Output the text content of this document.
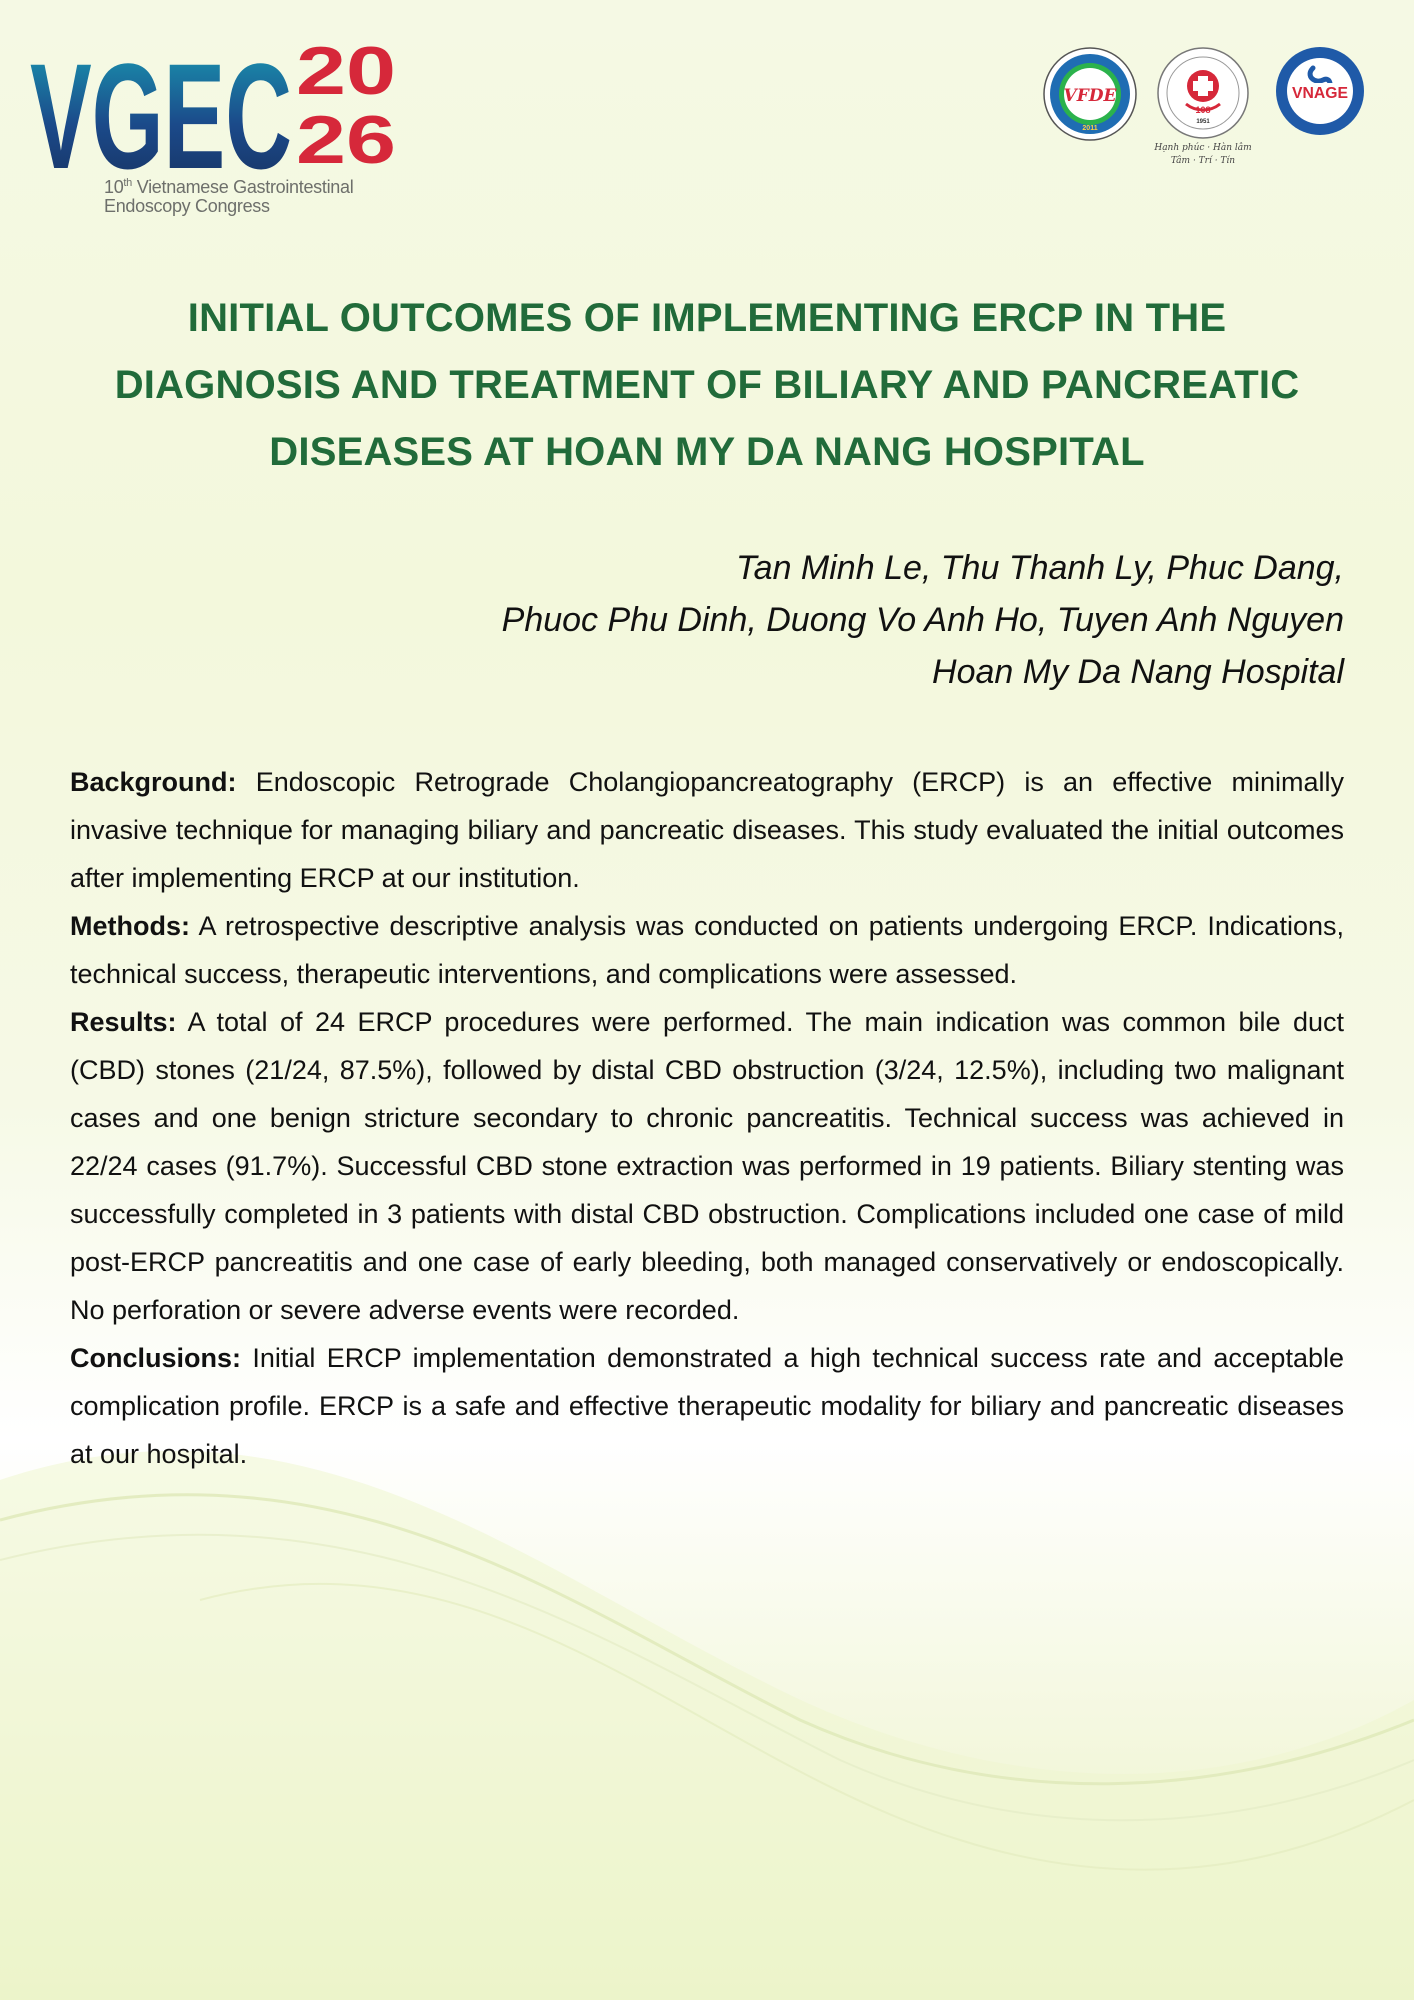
VGEC 20
26
10th Vietnamese Gastrointestinal
Endoscopy Congress
VFDE
2011
108
1951
Hạnh phúc · Hàn lâm
Tâm · Trí · Tín
VNAGE
INITIAL OUTCOMES OF IMPLEMENTING ERCP IN THE
DIAGNOSIS AND TREATMENT OF BILIARY AND PANCREATIC
DISEASES AT HOAN MY DA NANG HOSPITAL
Tan Minh Le, Thu Thanh Ly, Phuc Dang,
Phuoc Phu Dinh, Duong Vo Anh Ho, Tuyen Anh Nguyen
Hoan My Da Nang Hospital

Background: Endoscopic Retrograde Cholangiopancreatography (ERCP) is an effective minimally invasive technique for managing biliary and pancreatic diseases. This study evaluated the initial outcomes after implementing ERCP at our institution.

Methods: A retrospective descriptive analysis was conducted on patients undergoing ERCP. Indications, technical success, therapeutic interventions, and complications were assessed.

Results: A total of 24 ERCP procedures were performed. The main indication was common bile duct (CBD) stones (21/24, 87.5%), followed by distal CBD obstruction (3/24, 12.5%), including two malignant cases and one benign stricture secondary to chronic pancreatitis. Technical success was achieved in 22/24 cases (91.7%). Successful CBD stone extraction was performed in 19 patients. Biliary stenting was successfully completed in 3 patients with distal CBD obstruction. Complications included one case of mild post-ERCP pancreatitis and one case of early bleeding, both managed conservatively or endoscopically. No perforation or severe adverse events were recorded.

Conclusions: Initial ERCP implementation demonstrated a high technical success rate and acceptable complication profile. ERCP is a safe and effective therapeutic modality for biliary and pancreatic diseases at our hospital.
